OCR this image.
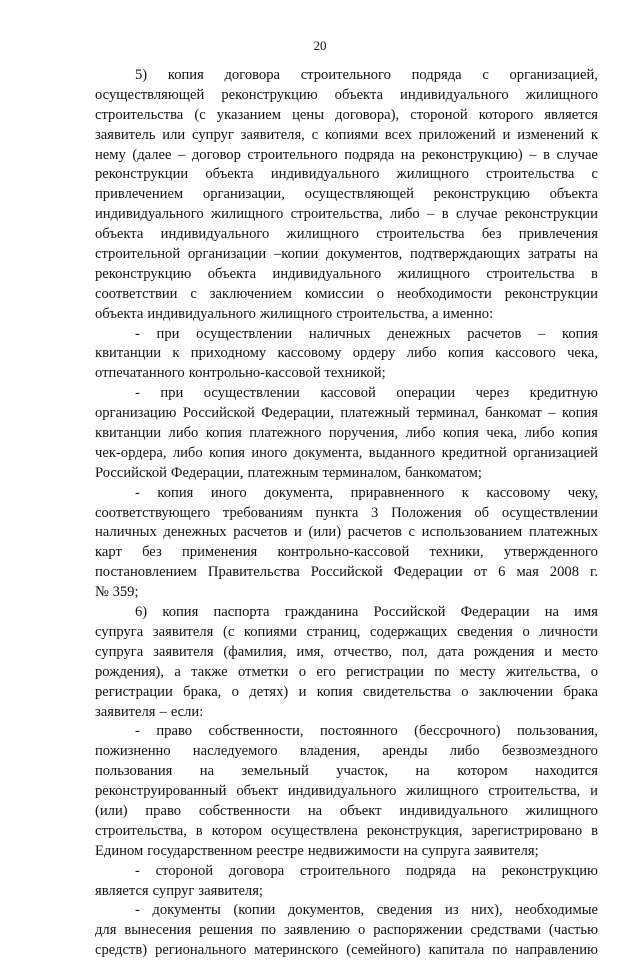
20
5) копия договора строительного подряда с организацией,
осуществляющей реконструкцию объекта индивидуального жилищного
строительства (с указанием цены договора), стороной которого является
заявитель или супруг заявителя, с копиями всех приложений и изменений к
нему (далее – договор строительного подряда на реконструкцию) – в случае
реконструкции объекта индивидуального жилищного строительства с
привлечением организации, осуществляющей реконструкцию объекта
индивидуального жилищного строительства, либо – в случае реконструкции
объекта индивидуального жилищного строительства без привлечения
строительной организации –копии документов, подтверждающих затраты на
реконструкцию объекта индивидуального жилищного строительства в
соответствии с заключением комиссии о необходимости реконструкции
объекта индивидуального жилищного строительства, а именно:
- при осуществлении наличных денежных расчетов – копия
квитанции к приходному кассовому ордеру либо копия кассового чека,
отпечатанного контрольно-кассовой техникой;
- при осуществлении кассовой операции через кредитную
организацию Российской Федерации, платежный терминал, банкомат – копия
квитанции либо копия платежного поручения, либо копия чека, либо копия
чек-ордера, либо копия иного документа, выданного кредитной организацией
Российской Федерации, платежным терминалом, банкоматом;
- копия иного документа, приравненного к кассовому чеку,
соответствующего требованиям пункта 3 Положения об осуществлении
наличных денежных расчетов и (или) расчетов с использованием платежных
карт без применения контрольно-кассовой техники, утвержденного
постановлением Правительства Российской Федерации от 6 мая 2008 г.
№ 359;
6) копия паспорта гражданина Российской Федерации на имя
супруга заявителя (с копиями страниц, содержащих сведения о личности
супруга заявителя (фамилия, имя, отчество, пол, дата рождения и место
рождения), а также отметки о его регистрации по месту жительства, о
регистрации брака, о детях) и копия свидетельства о заключении брака
заявителя – если:
- право собственности, постоянного (бессрочного) пользования,
пожизненно наследуемого владения, аренды либо безвозмездного
пользования на земельный участок, на котором находится
реконструированный объект индивидуального жилищного строительства, и
(или) право собственности на объект индивидуального жилищного
строительства, в котором осуществлена реконструкция, зарегистрировано в
Едином государственном реестре недвижимости на супруга заявителя;
- стороной договора строительного подряда на реконструкцию
является супруг заявителя;
- документы (копии документов, сведения из них), необходимые
для вынесения решения по заявлению о распоряжении средствами (частью
средств) регионального материнского (семейного) капитала по направлению
